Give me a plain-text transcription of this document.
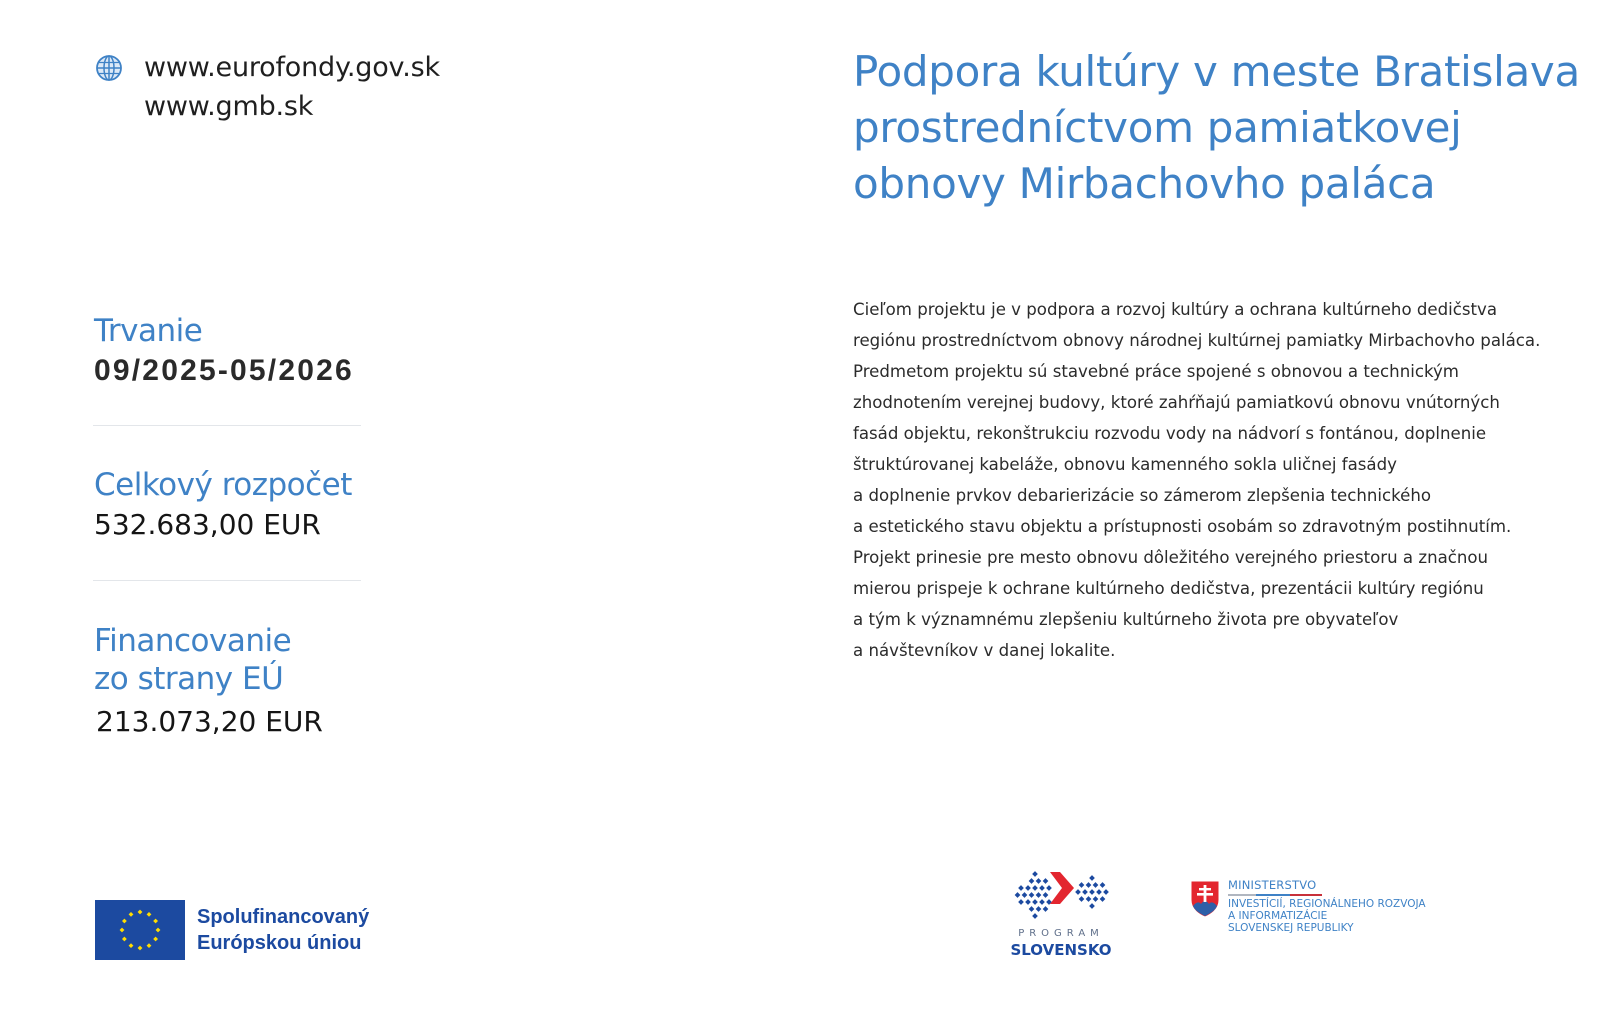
www.eurofondy.gov.sk
www.gmb.sk
Trvanie
09/2025-05/2026
Celkový rozpočet
532.683,00 EUR
Financovanie
zo strany EÚ
213.073,20 EUR
Podpora kultúry v meste Bratislava
prostredníctvom pamiatkovej
obnovy Mirbachovho paláca
Cieľom projektu je v podpora a rozvoj kultúry a ochrana kultúrneho dedičstva
regiónu prostredníctvom obnovy národnej kultúrnej pamiatky Mirbachovho paláca.
Predmetom projektu sú stavebné práce spojené s obnovou a technickým
zhodnotením verejnej budovy, ktoré zahŕňajú pamiatkovú obnovu vnútorných
fasád objektu, rekonštrukciu rozvodu vody na nádvorí s fontánou, doplnenie
štruktúrovanej kabeláže, obnovu kamenného sokla uličnej fasády
a doplnenie prvkov debarierizácie so zámerom zlepšenia technického
a estetického stavu objektu a prístupnosti osobám so zdravotným postihnutím.
Projekt prinesie pre mesto obnovu dôležitého verejného priestoru a značnou
mierou prispeje k ochrane kultúrneho dedičstva, prezentácii kultúry regiónu
a tým k významnému zlepšeniu kultúrneho života pre obyvateľov
a návštevníkov v danej lokalite.
Spolufinancovaný
Európskou úniou	PROGRAM
SLOVENSKO
MINISTERSTVO
INVESTÍCIÍ, REGIONÁLNEHO ROZVOJA
A INFORMATIZÁCIE
SLOVENSKEJ REPUBLIKY
